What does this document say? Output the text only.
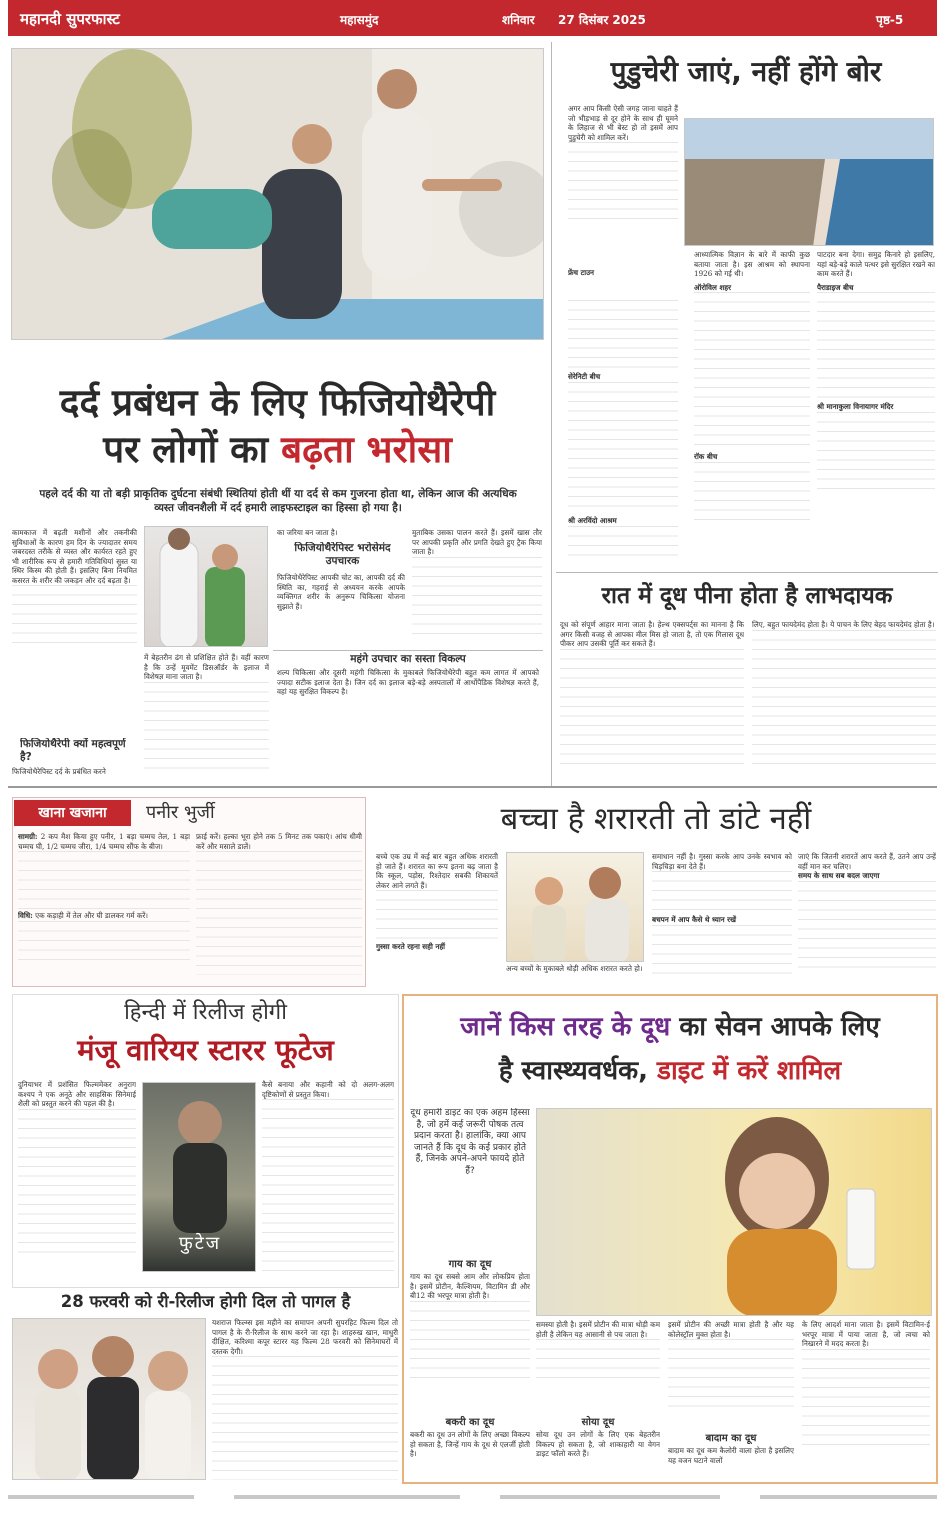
महानदी सुपरफास्ट	महासमुंद	शनिवार 27 दिसंबर 2025	पृष्ठ-5
दर्द प्रबंधन के लिए फिजियोथैरेपी
पर लोगों का बढ़ता भरोसा
पहले दर्द की या तो बड़ी प्राकृतिक दुर्घटना संबंधी स्थितियां होती थीं या दर्द से कम गुजरना होता था, लेकिन आज की अत्यधिक व्यस्त जीवनशैली में दर्द हमारी लाइफस्टाइल का हिस्सा हो गया है।
कामकाज में बढ़ती मशीनों और तकनीकी सुविधाओं के कारण हम दिन के ज्यादातर समय जबरदस्त तरीके से व्यस्त और कार्यरत रहते हुए भी शारीरिक रूप से हमारी गतिविधियां सुस्त या स्थिर किस्म की होती हैं। इसलिए बिना नियमित कसरत के शरीर की जकड़न और दर्द बढ़ता है।
फिजियोथैरेपी क्यों महत्वपूर्ण है?
फिजियोथैरेपिस्ट दर्द के प्रबंधित करने
में बेहतरीन ढंग से प्रशिक्षित होते हैं। वहीं कारण है कि उन्हें मूवमेंट डिसऑर्डर के इलाज में विशेषज्ञ माना जाता है।
का जरिया बन जाता है।
फिजियोथैरेपिस्ट भरोसेमंद उपचारक
फिजियोथैरेपिस्ट आपकी चोट का, आपकी दर्द की स्थिति का, गहराई से अध्ययन करके आपके व्यक्तिगत शरीर के अनुरूप चिकित्सा योजना सुझाते हैं।
मुताबिक उसका पालन करते हैं। इसमें खास तौर पर आपकी प्रकृति और प्रगति देखते हुए ट्रैक किया जाता है।
महंगे उपचार का सस्ता विकल्प
शल्य चिकित्सा और दूसरी महंगी चिकित्सा के मुकाबले फिजियोथैरेपी बहुत कम लागत में आपको ज्यादा सटीक इलाज देता है। जिन दर्द का इलाज बड़े-बड़े अस्पतालों में आर्थोपैडिक विशेषज्ञ करते हैं, वहां यह सुरक्षित विकल्प है।
पुडुचेरी जाएं, नहीं होंगे बोर
अगर आप किसी ऐसी जगह जाना चाहते हैं जो भीड़भाड़ से दूर होने के साथ ही घूमने के लिहाज से भी बेस्ट हो तो इसमें आप पुडुचेरी को शामिल करें।
फ्रेंच टाउन
सेरेनिटी बीच
श्री अरविंदो आश्रम
आध्यात्मिक विज्ञान के बारे में काफी कुछ बताया जाता है। इस आश्रम को स्थापना 1926 को गई थी।
ऑरोविल शहर
रॉक बीच
पाटदार बना देगा। समुद्र किनारे हो इसलिए, यहां बड़े-बड़े काले पत्थर इसे सुरक्षित रखने का काम करते हैं।
पैराडाइज बीच
श्री मानाकुला विनायागर मंदिर
रात में दूध पीना होता है लाभदायक
दूध को संपूर्ण आहार माना जाता है। हेल्थ एक्सपर्ट्स का मानना है कि अगर किसी वजह से आपका मील मिस हो जाता है, तो एक गिलास दूध पीकर आप उसकी पूर्ति कर सकते हैं।
लिए, बहुत फायदेमंद होता है। ये पाचन के लिए बेहद फायदेमंद होता है।
खाना खजाना	पनीर भुर्जी
सामग्री: 2 कप मैश किया हुए पनीर, 1 बड़ा चम्मच तेल, 1 बड़ा चम्मच घी, 1/2 चम्मच जीरा, 1/4 चम्मच सौंफ के बीज।
विधि: एक कड़ाही में तेल और घी डालकर गर्म करें।
फ्राई करें। हल्का भूरा होने तक 5 मिनट तक पकाएं। आंच धीमी करें और मसाले डालें।
बच्चा है शरारती तो डांटे नहीं
बच्चे एक उम्र में कई बार बहुत अधिक शरारती हो जाते हैं। शरारत का रूप इतना बढ़ जाता है कि स्कूल, पड़ोस, रिश्तेदार सबकी शिकायतें लेकर आने लगते हैं।
गुस्सा करते रहना सही नहीं
अन्य बच्चों के मुकाबले थोड़ी अधिक शरारत करते हो।
समाधान नहीं है। गुस्सा करके आप उनके स्वभाव को चिड़चिड़ा बना देते हैं।
बचपन में आप कैसे थे ध्यान रखें
जाएं कि जितनी शरारतें आप करते हैं, उतने आप उन्हें वहीं मान कर चलिए।
समय के साथ सब बदल जाएगा
हिन्दी में रिलीज होगी
मंजू वारियर स्टारर फूटेज
दुनियाभर में प्रशंसित फिल्ममेकर अनुराग कश्यप ने एक अनूठे और साहसिक सिनेमाई शैली को प्रस्तुत करने की पहल की है।
फुटेज
कैसे बनाया और कहानी को दो अलग-अलग दृष्टिकोणों से प्रस्तुत किया।
28 फरवरी को री-रिलीज होगी दिल तो पागल है
यशराज फिल्म्स इस महीने का समापन अपनी सुपरहिट फिल्म दिल तो पागल है के री-रिलीज के साथ करने जा रहा है। शाहरुख खान, माधुरी दीक्षित, करिश्मा कपूर स्टारर यह फिल्म 28 फरवरी को सिनेमाघरों में दस्तक देगी।
जानें किस तरह के दूध का सेवन आपके लिए
है स्वास्थ्यवर्धक, डाइट में करें शामिल
दूध हमारी डाइट का एक अहम हिस्सा है, जो हमें कई जरूरी पोषक तत्व प्रदान करता है। हालांकि, क्या आप जानते हैं कि दूध के कई प्रकार होते हैं, जिनके अपने-अपने फायदे होते हैं?
गाय का दूध
गाय का दूध सबसे आम और लोकप्रिय होता है। इसमें प्रोटीन, कैल्शियम, विटामिन डी और बी12 की भरपूर मात्रा होती है।
बकरी का दूध
बकरी का दूध उन लोगों के लिए अच्छा विकल्प हो सकता है, जिन्हें गाय के दूध से एलर्जी होती है।
समस्या होती है। इसमें प्रोटीन की मात्रा थोड़ी कम होती है लेकिन यह आसानी से पच जाता है।
सोया दूध
सोया दूध उन लोगों के लिए एक बेहतरीन विकल्प हो सकता है, जो शाकाहारी या वेगन डाइट फॉलो करते हैं।
इसमें प्रोटीन की अच्छी मात्रा होती है और यह कोलेस्ट्रॉल मुक्त होता है।
बादाम का दूध
बादाम का दूध कम कैलोरी वाला होता है इसलिए यह वजन घटाने वालों
के लिए आदर्श माना जाता है। इसमें विटामिन-ई भरपूर मात्रा में पाया जाता है, जो त्वचा को निखारने में मदद करता है।
